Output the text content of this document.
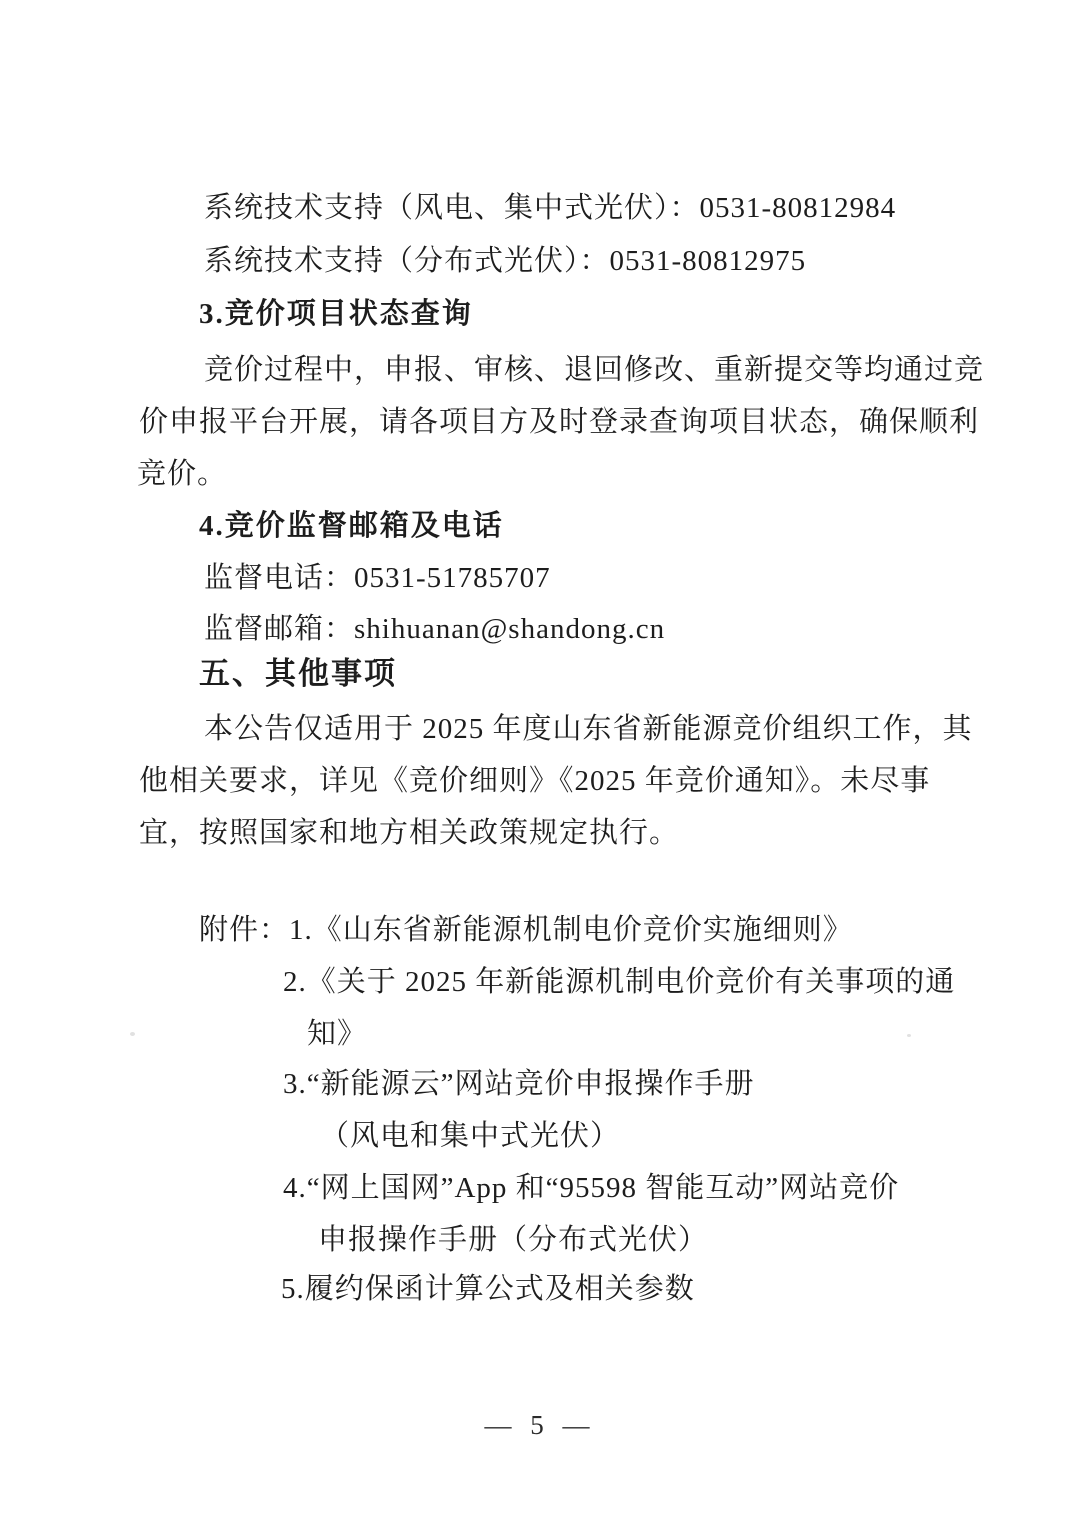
系统技术支持（风电、集中式光伏）：0531-80812984
系统技术支持（分布式光伏）：0531-80812975
3.竞价项目状态查询
竞价过程中，申报、审核、退回修改、重新提交等均通过竞
价申报平台开展，请各项目方及时登录查询项目状态，确保顺利
竞价。
4.竞价监督邮箱及电话
监督电话：0531-51785707
监督邮箱：shihuanan@shandong.cn
五、其他事项
本公告仅适用于 2025 年度山东省新能源竞价组织工作，其
他相关要求，详见《竞价细则》《2025 年竞价通知》。未尽事
宜，按照国家和地方相关政策规定执行。
附件：1.《山东省新能源机制电价竞价实施细则》
2.《关于 2025 年新能源机制电价竞价有关事项的通
知》
3.“新能源云”网站竞价申报操作手册
（风电和集中式光伏）
4.“网上国网”App 和“95598 智能互动”网站竞价
申报操作手册（分布式光伏）
5.履约保函计算公式及相关参数
— 5 —
